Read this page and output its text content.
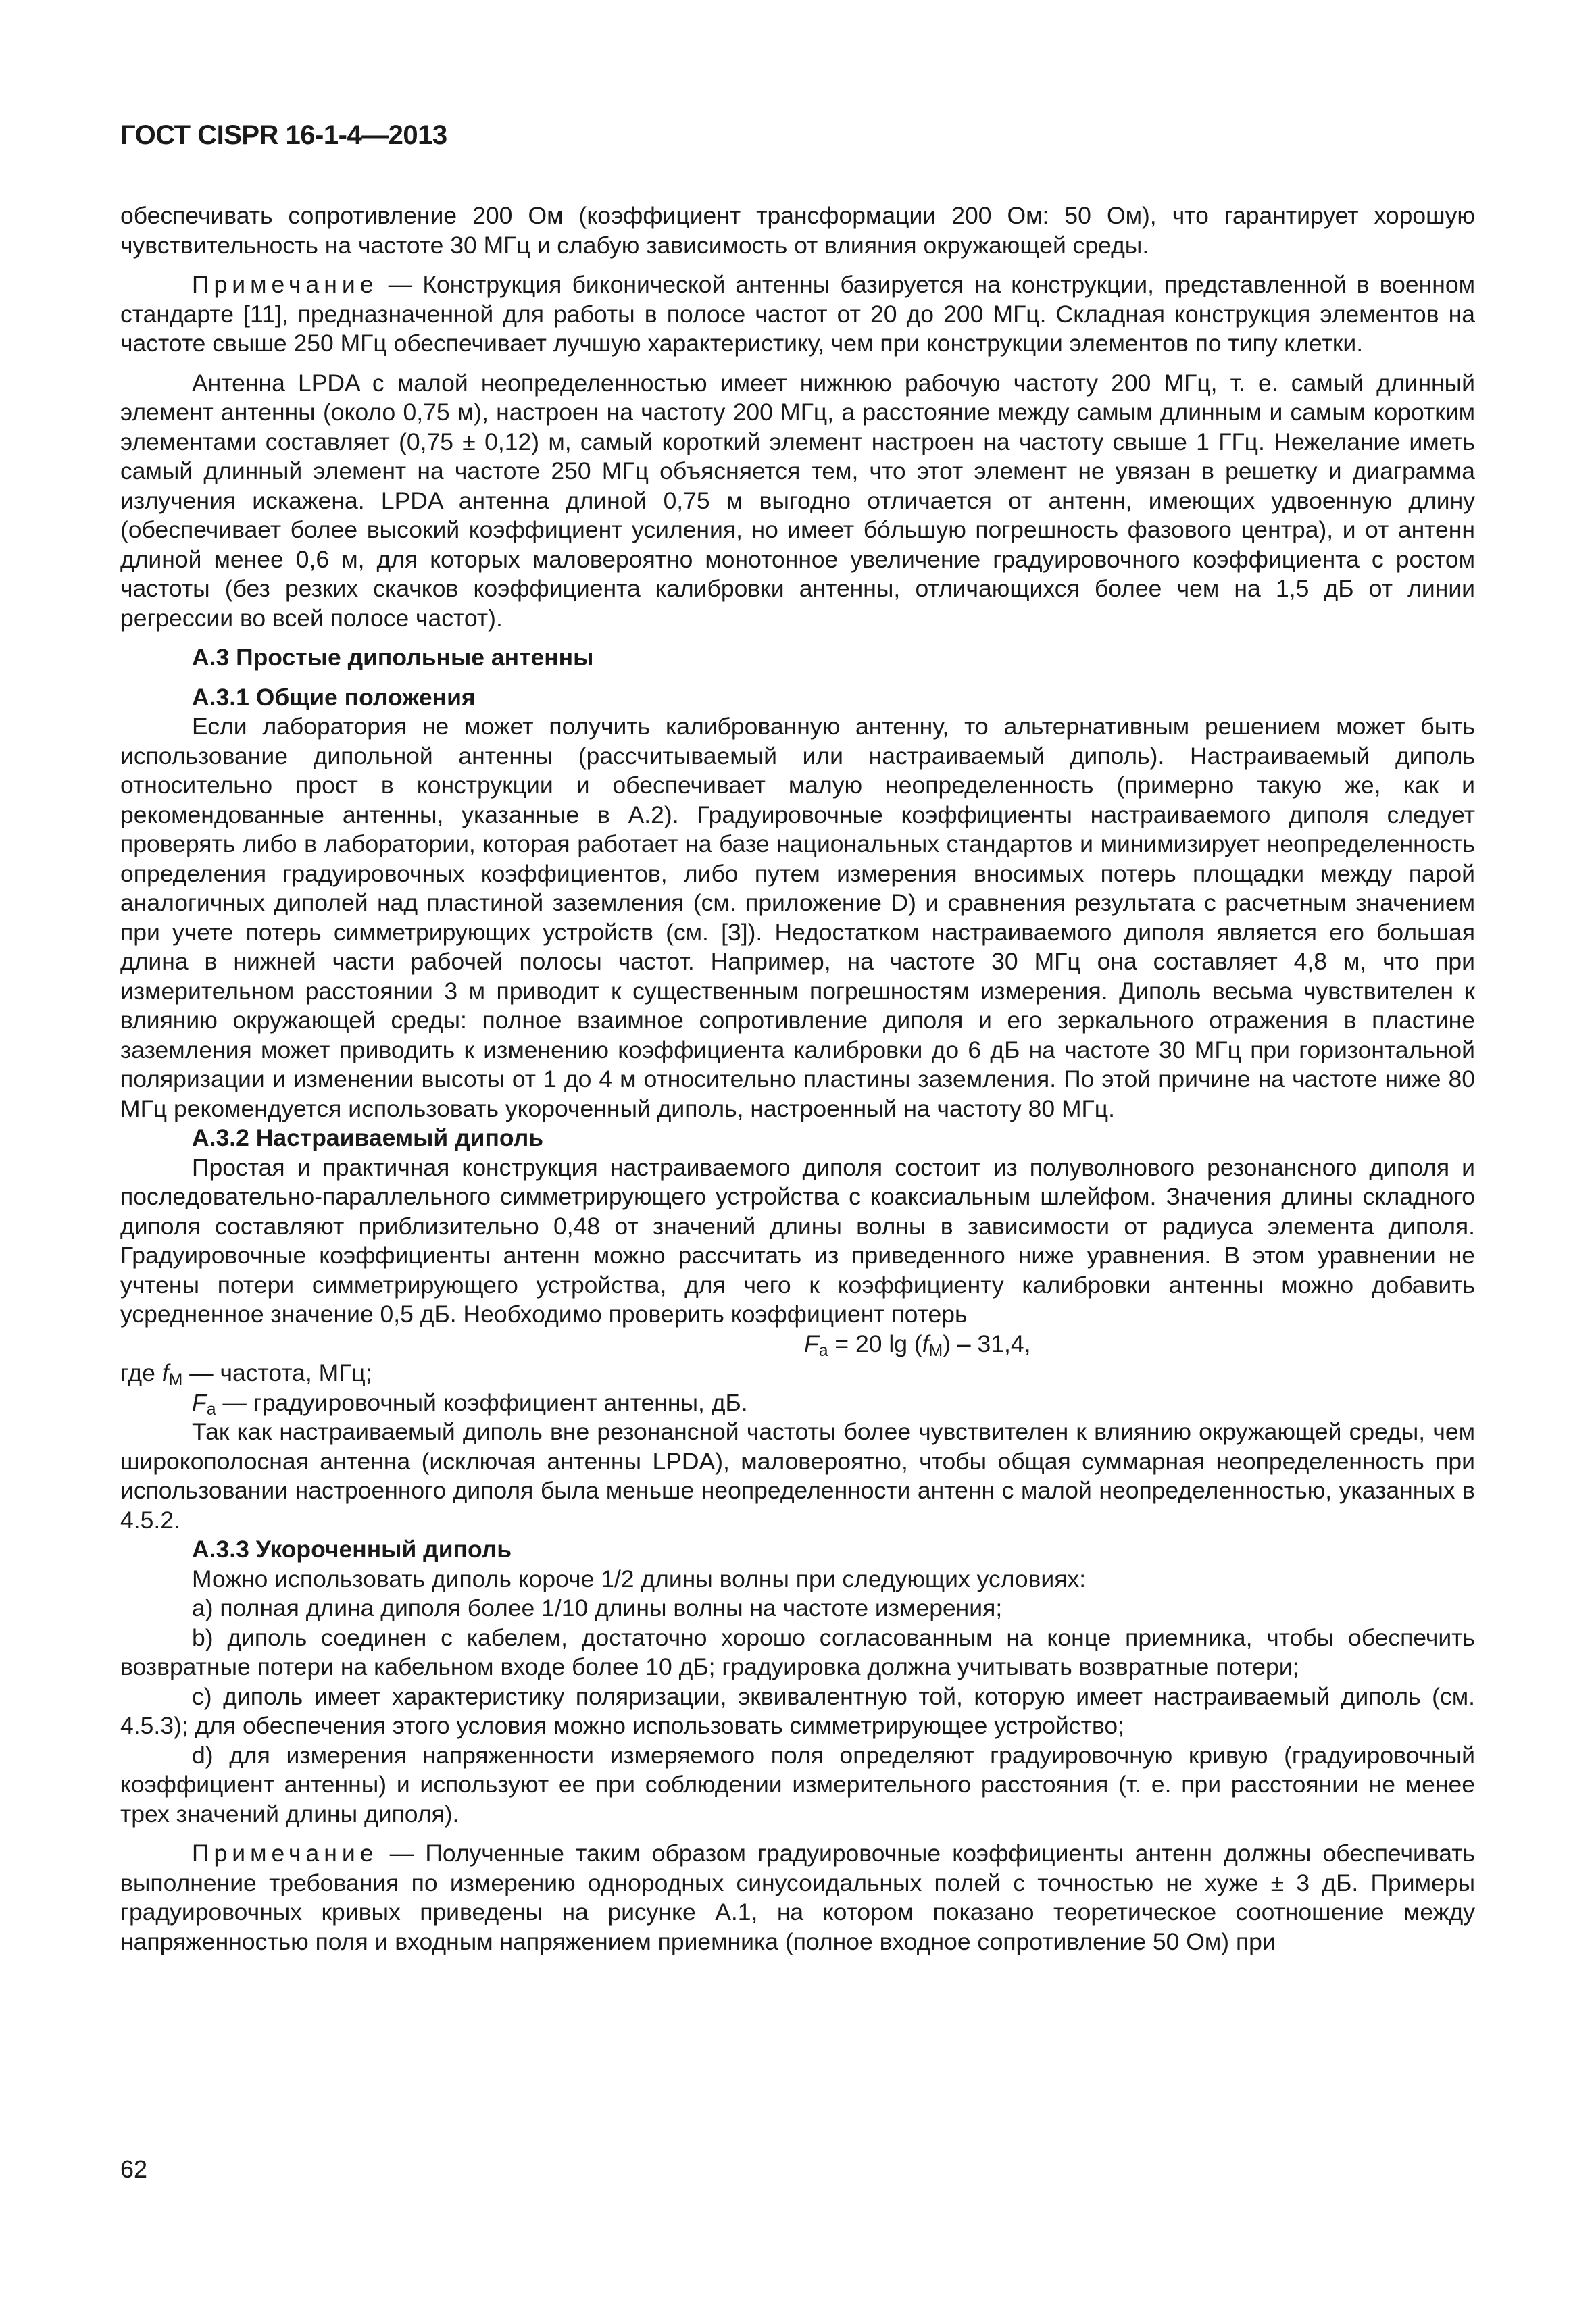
ГОСТ CISPR 16-1-4—2013

обеспечивать сопротивление 200 Ом (коэффициент трансформации 200 Ом: 50 Ом), что гарантирует хорошую чувствительность на частоте 30 МГц и слабую зависимость от влияния окружающей среды.

Примечание — Конструкция биконической антенны базируется на конструкции, представленной в военном стандарте [11], предназначенной для работы в полосе частот от 20 до 200 МГц. Складная конструкция элементов на частоте свыше 250 МГц обеспечивает лучшую характеристику, чем при конструкции элементов по типу клетки.

Антенна LPDA с малой неопределенностью имеет нижнюю рабочую частоту 200 МГц, т. е. самый длинный элемент антенны (около 0,75 м), настроен на частоту 200 МГц, а расстояние между самым длинным и самым коротким элементами составляет (0,75 ± 0,12) м, самый короткий элемент настроен на частоту свыше 1 ГГц. Нежелание иметь самый длинный элемент на частоте 250 МГц объясняется тем, что этот элемент не увязан в решетку и диаграмма излучения искажена. LPDA антенна длиной 0,75 м выгодно отличается от антенн, имеющих удвоенную длину (обеспечивает более высокий коэффициент усиления, но имеет бóльшую погрешность фазового центра), и от антенн длиной менее 0,6 м, для которых маловероятно монотонное увеличение градуировочного коэффициента с ростом частоты (без резких скачков коэффициента калибровки антенны, отличающихся более чем на 1,5 дБ от линии регрессии во всей полосе частот).

А.3 Простые дипольные антенны

А.3.1 Общие положения

Если лаборатория не может получить калиброванную антенну, то альтернативным решением может быть использование дипольной антенны (рассчитываемый или настраиваемый диполь). Настраиваемый диполь относительно прост в конструкции и обеспечивает малую неопределенность (примерно такую же, как и рекомендованные антенны, указанные в А.2). Градуировочные коэффициенты настраиваемого диполя следует проверять либо в лаборатории, которая работает на базе национальных стандартов и минимизирует неопределенность определения градуировочных коэффициентов, либо путем измерения вносимых потерь площадки между парой аналогичных диполей над пластиной заземления (см. приложение D) и сравнения результата с расчетным значением при учете потерь симметрирующих устройств (см. [3]). Недостатком настраиваемого диполя является его большая длина в нижней части рабочей полосы частот. Например, на частоте 30 МГц она составляет 4,8 м, что при измерительном расстоянии 3 м приводит к существенным погрешностям измерения. Диполь весьма чувствителен к влиянию окружающей среды: полное взаимное сопротивление диполя и его зеркального отражения в пластине заземления может приводить к изменению коэффициента калибровки до 6 дБ на частоте 30 МГц при горизонтальной поляризации и изменении высоты от 1 до 4 м относительно пластины заземления. По этой причине на частоте ниже 80 МГц рекомендуется использовать укороченный диполь, настроенный на частоту 80 МГц.

А.3.2 Настраиваемый диполь

Простая и практичная конструкция настраиваемого диполя состоит из полуволнового резонансного диполя и последовательно-параллельного симметрирующего устройства с коаксиальным шлейфом. Значения длины складного диполя составляют приблизительно 0,48 от значений длины волны в зависимости от радиуса элемента диполя. Градуировочные коэффициенты антенн можно рассчитать из приведенного ниже уравнения. В этом уравнении не учтены потери симметрирующего устройства, для чего к коэффициенту калибровки антенны можно добавить усредненное значение 0,5 дБ. Необходимо проверить коэффициент потерь

$F_a = 20$ $\lg (f_M) - 31,4$,

где $f_M$ — частота, МГц;

$F_a$ — градуировочный коэффициент антенны, дБ.

Так как настраиваемый диполь вне резонансной частоты более чувствителен к влиянию окружающей среды, чем широкополосная антенна (исключая антенны LPDA), маловероятно, чтобы общая суммарная неопределенность при использовании настроенного диполя была меньше неопределенности антенн с малой неопределенностью, указанных в 4.5.2.

А.3.3 Укороченный диполь

Можно использовать диполь короче 1/2 длины волны при следующих условиях:

a) полная длина диполя более 1/10 длины волны на частоте измерения;

b) диполь соединен с кабелем, достаточно хорошо согласованным на конце приемника, чтобы обеспечить возвратные потери на кабельном входе более 10 дБ; градуировка должна учитывать возвратные потери;

c) диполь имеет характеристику поляризации, эквивалентную той, которую имеет настраиваемый диполь (см. 4.5.3); для обеспечения этого условия можно использовать симметрирующее устройство;

d) для измерения напряженности измеряемого поля определяют градуировочную кривую (градуировочный коэффициент антенны) и используют ее при соблюдении измерительного расстояния (т. е. при расстоянии не менее трех значений длины диполя).

Примечание — Полученные таким образом градуировочные коэффициенты антенн должны обеспечивать выполнение требования по измерению однородных синусоидальных полей с точностью не хуже ± 3 дБ. Примеры градуировочных кривых приведены на рисунке А.1, на котором показано теоретическое соотношение между напряженностью поля и входным напряжением приемника (полное входное сопротивление 50 Ом) при

62
